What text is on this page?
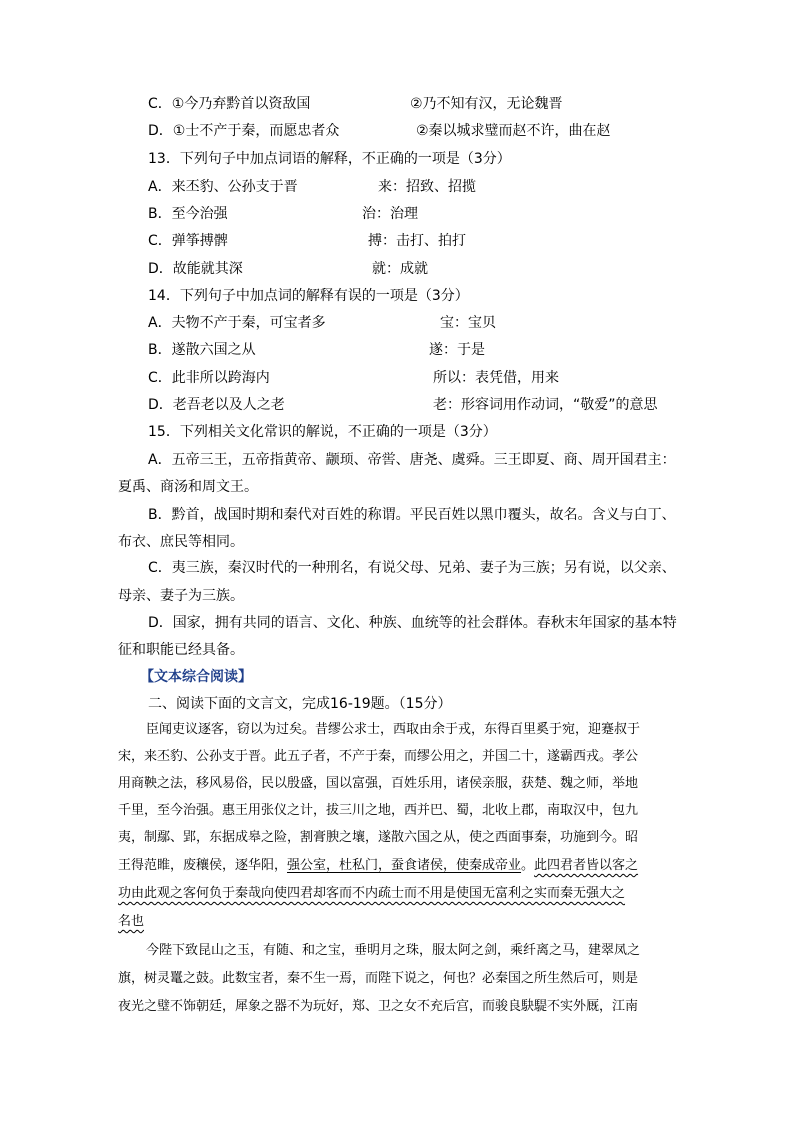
C．①今乃弃黔首以资敌国	②乃不知有汉，无论魏晋
D．①士不产于秦，而愿忠者众	②秦以城求璧而赵不许，曲在赵
13．下列句子中加点词语的解释，不正确的一项是（3分）
A．来丕豹、公孙支于晋	来：招致、招揽
B．至今治强	治：治理
C．弹筝搏髀	搏：击打、拍打
D．故能就其深	就：成就
14．下列句子中加点词的解释有误的一项是（3分）
A．夫物不产于秦，可宝者多	宝：宝贝
B．遂散六国之从	遂：于是
C．此非所以跨海内	所以：表凭借，用来
D．老吾老以及人之老	老：形容词用作动词，“敬爱”的意思
15．下列相关文化常识的解说，不正确的一项是（3分）
A．五帝三王，五帝指黄帝、颛顼、帝喾、唐尧、虞舜。三王即夏、商、周开国君主：
夏禹、商汤和周文王。
B．黔首，战国时期和秦代对百姓的称谓。平民百姓以黑巾覆头，故名。含义与白丁、
布衣、庶民等相同。
C．夷三族，秦汉时代的一种刑名，有说父母、兄弟、妻子为三族；另有说，以父亲、
母亲、妻子为三族。
D．国家，拥有共同的语言、文化、种族、血统等的社会群体。春秋末年国家的基本特
征和职能已经具备。
【文本综合阅读】
二、阅读下面的文言文，完成16-19题。（15分）
臣闻吏议逐客，窃以为过矣。昔缪公求士，西取由余于戎，东得百里奚于宛，迎蹇叔于
宋，来丕豹、公孙支于晋。此五子者，不产于秦，而缪公用之，并国二十，遂霸西戎。孝公
用商鞅之法，移风易俗，民以殷盛，国以富强，百姓乐用，诸侯亲服，获楚、魏之师，举地
千里，至今治强。惠王用张仪之计，拔三川之地，西并巴、蜀，北收上郡，南取汉中，包九
夷，制鄢、郢，东据成皋之险，割膏腴之壤，遂散六国之从，使之西面事秦，功施到今。昭
王得范睢，废穰侯，逐华阳，强公室，杜私门，蚕食诸侯，使秦成帝业。此四君者皆以客之
功由此观之客何负于秦哉向使四君却客而不内疏士而不用是使国无富利之实而秦无强大之
名也
今陛下致昆山之玉，有随、和之宝，垂明月之珠，服太阿之剑，乘纤离之马，建翠凤之
旗，树灵鼍之鼓。此数宝者，秦不生一焉，而陛下说之，何也？必秦国之所生然后可，则是
夜光之璧不饰朝廷，犀象之器不为玩好，郑、卫之女不充后宫，而骏良駃騠不实外厩，江南
